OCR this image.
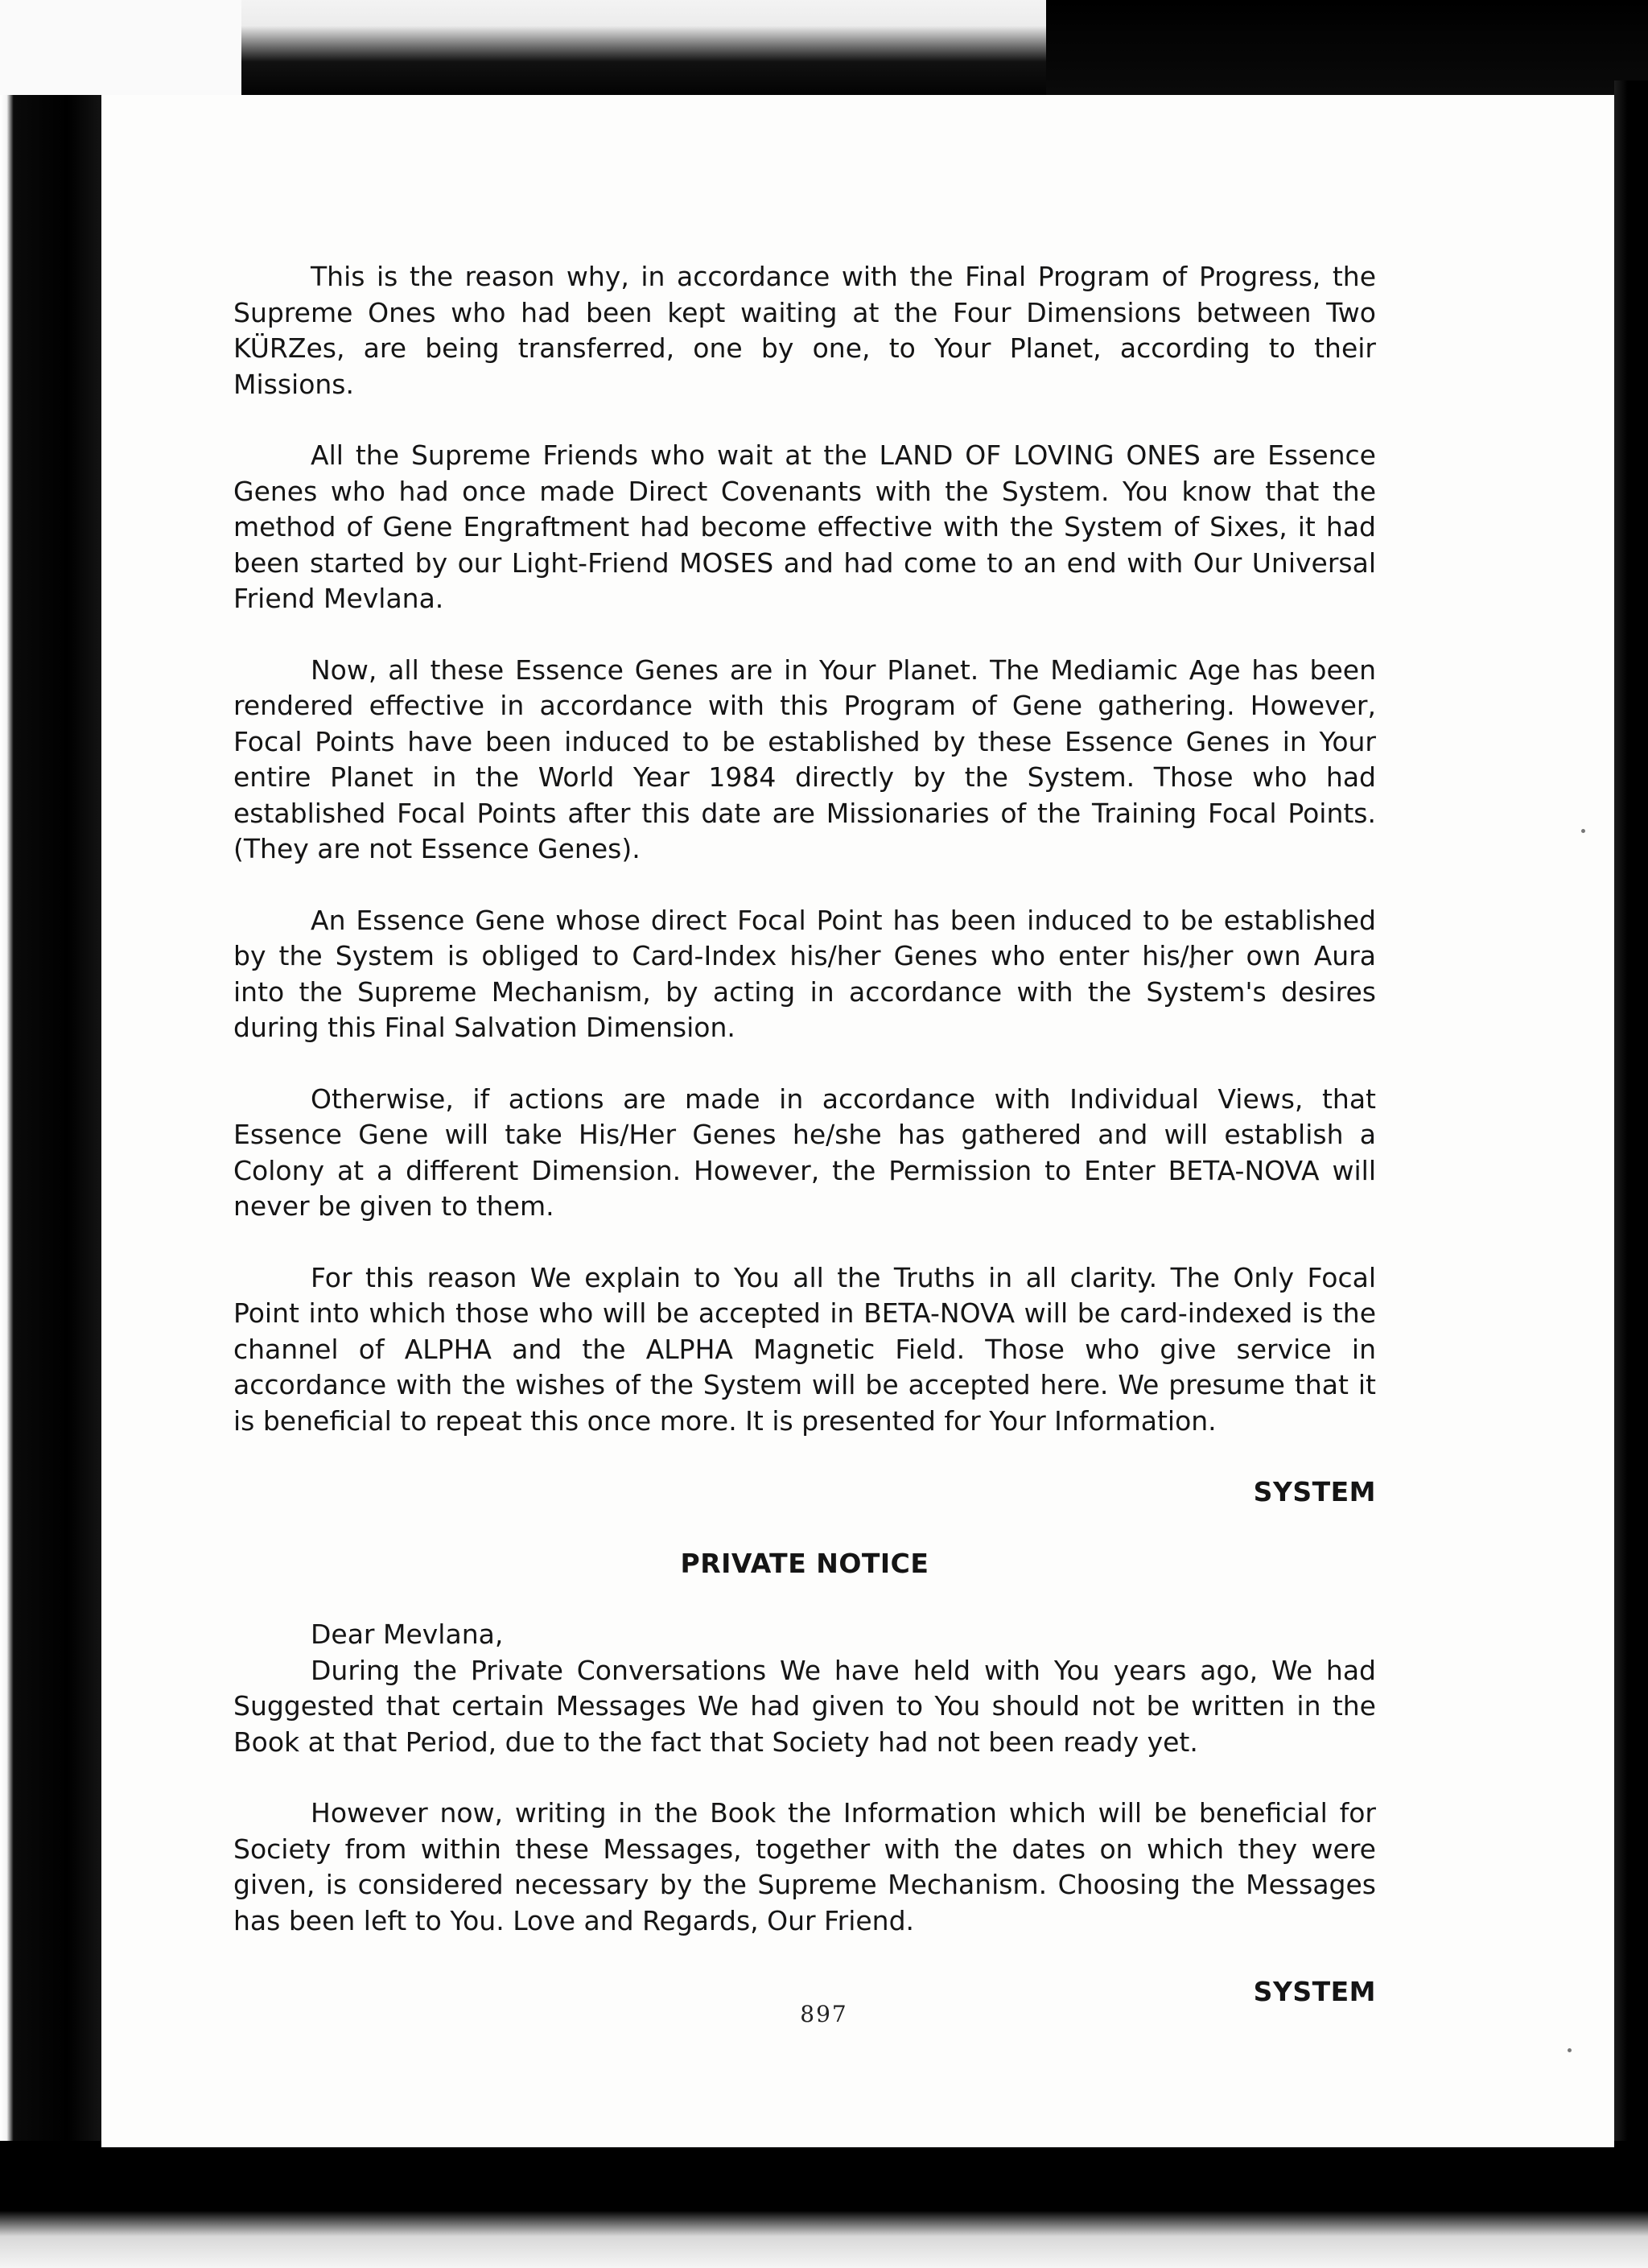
This is the reason why, in accordance with the Final Program of Progress, the Supreme Ones who had been kept waiting at the Four Dimensions between Two KÜRZes, are being transferred, one by one, to Your Planet, according to their Missions.

All the Supreme Friends who wait at the LAND OF LOVING ONES are Essence Genes who had once made Direct Covenants with the System. You know that the method of Gene Engraftment had become effective with the System of Sixes, it had been started by our Light-Friend MOSES and had come to an end with Our Universal Friend Mevlana.

Now, all these Essence Genes are in Your Planet. The Mediamic Age has been rendered effective in accordance with this Program of Gene gathering. However, Focal Points have been induced to be established by these Essence Genes in Your entire Planet in the World Year 1984 directly by the System. Those who had established Focal Points after this date are Missionaries of the Training Focal Points. (They are not Essence Genes).

An Essence Gene whose direct Focal Point has been induced to be established by the System is obliged to Card-Index his/her Genes who enter his/her own Aura into the Supreme Mechanism, by acting in accordance with the System's desires during this Final Salvation Dimension.

Otherwise, if actions are made in accordance with Individual Views, that Essence Gene will take His/Her Genes he/she has gathered and will establish a Colony at a different Dimension. However, the Permission to Enter BETA-NOVA will never be given to them.

For this reason We explain to You all the Truths in all clarity. The Only Focal Point into which those who will be accepted in BETA-NOVA will be card-indexed is the channel of ALPHA and the ALPHA Magnetic Field. Those who give service in accordance with the wishes of the System will be accepted here. We presume that it is beneficial to repeat this once more. It is presented for Your Information.

SYSTEM
PRIVATE NOTICE

Dear Mevlana,

During the Private Conversations We have held with You years ago, We had Suggested that certain Messages We had given to You should not be written in the Book at that Period, due to the fact that Society had not been ready yet.

However now, writing in the Book the Information which will be beneficial for Society from within these Messages, together with the dates on which they were given, is considered necessary by the Supreme Mechanism. Choosing the Messages has been left to You. Love and Regards, Our Friend.

SYSTEM
897
